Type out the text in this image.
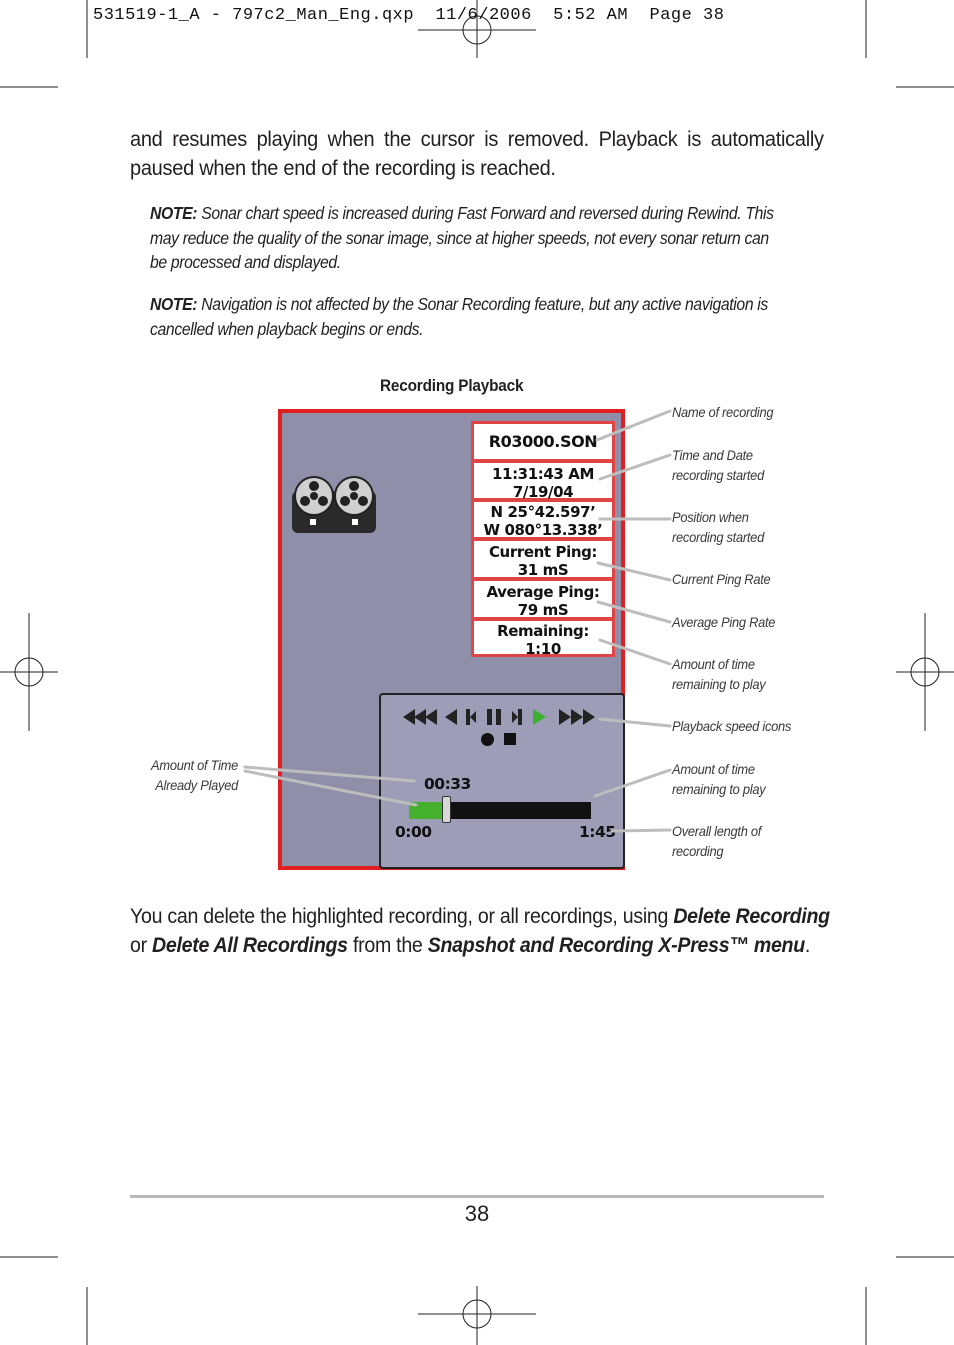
531519-1_A - 797c2_Man_Eng.qxp  11/6/2006  5:52 AM  Page 38
and resumes playing when the cursor is removed. Playback is automatically paused when the end of the recording is reached.
NOTE: Sonar chart speed is increased during Fast Forward and reversed during Rewind. This may reduce the quality of the sonar image, since at higher speeds, not every sonar return can be processed and displayed.
NOTE: Navigation is not affected by the Sonar Recording feature, but any active navigation is cancelled when playback begins or ends.
Recording Playback
R03000.SON
11:31:43 AM
7/19/04
N 25°42.597’
W 080°13.338’
Current Ping:
31 mS
Average Ping:
79 mS
Remaining:
1:10
00:33
0:00	1:45
Name of recording
Time and Date
recording started
Position when
recording started
Current Ping Rate
Average Ping Rate
Amount of time
remaining to play
Playback speed icons
Amount of time
remaining to play
Overall length of
recording
Amount of Time
Already Played
You can delete the highlighted recording, or all recordings, using Delete Recording
or Delete All Recordings from the Snapshot and Recording X-Press™ menu.
38
